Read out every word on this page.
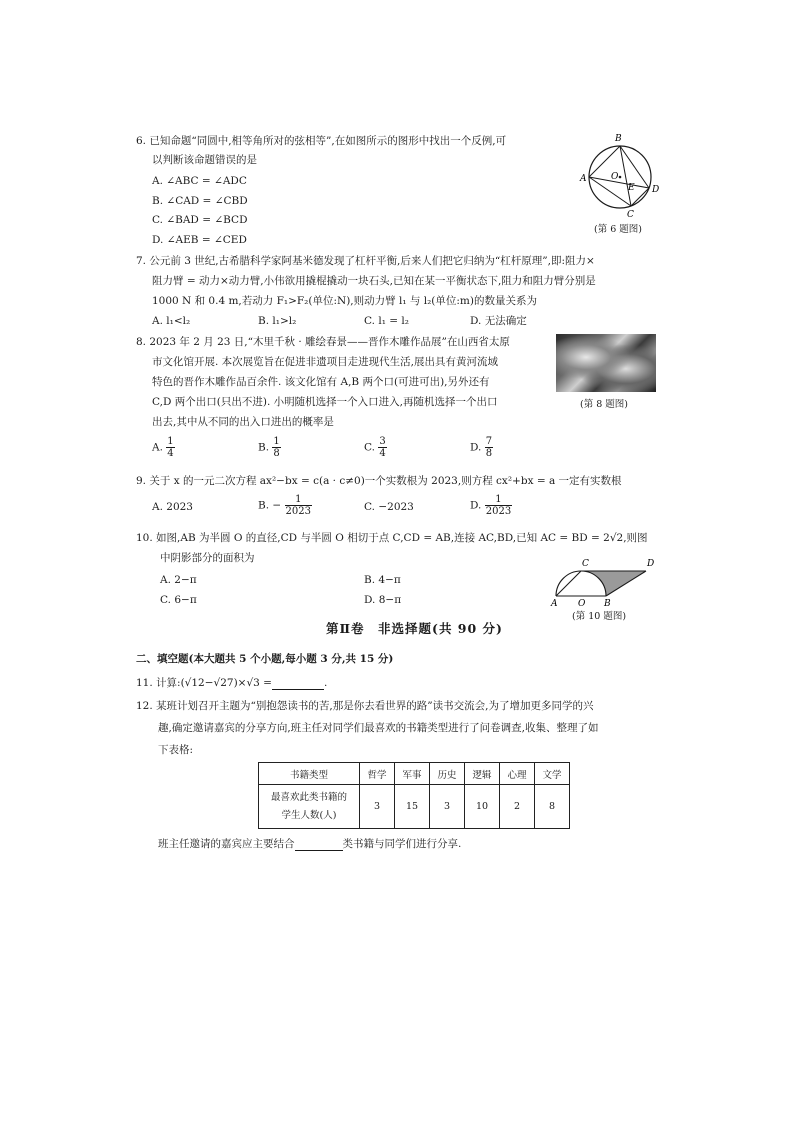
6. 已知命题“同圆中,相等角所对的弦相等”,在如图所示的图形中找出一个反例,可
以判断该命题错误的是
A. ∠ABC = ∠ADC
B. ∠CAD = ∠CBD
C. ∠BAD = ∠BCD
D. ∠AEB = ∠CED
B
A	O
E D
C
(第 6 题图)
7. 公元前 3 世纪,古希腊科学家阿基米德发现了杠杆平衡,后来人们把它归纳为“杠杆原理”,即:阻力×
阻力臂 = 动力×动力臂,小伟欲用撬棍撬动一块石头,已知在某一平衡状态下,阻力和阻力臂分别是
1000 N 和 0.4 m,若动力 F₁>F₂(单位:N),则动力臂 l₁ 与 l₂(单位:m)的数量关系为
A. l₁<l₂	B. l₁>l₂	C. l₁ = l₂	D. 无法确定
8. 2023 年 2 月 23 日,“木里千秋 · 雕绘春景——晋作木雕作品展”在山西省太原
市文化馆开展. 本次展览旨在促进非遗项目走进现代生活,展出具有黄河流域
特色的晋作木雕作品百余件. 该文化馆有 A,B 两个口(可进可出),另外还有
C,D 两个出口(只出不进). 小明随机选择一个入口进入,再随机选择一个出口
出去,其中从不同的出入口进出的概率是
(第 8 题图)
A. $\frac{1}{4}$	B. $\frac{1}{8}$	C. $\frac{3}{4}$	D. $\frac{7}{8}$
9. 关于 x 的一元二次方程 ax²−bx = c(a · c≠0)一个实数根为 2023,则方程 cx²+bx = a 一定有实数根
A. 2023	B. − $\frac{1}{2023}$	C. −2023	D. $\frac{1}{2023}$
10. 如图,AB 为半圆 O 的直径,CD 与半圆 O 相切于点 C,CD = AB,连接 AC,BD,已知 AC = BD = 2√2,则图
中阴影部分的面积为
A. 2−π	B. 4−π
C. 6−π	D. 8−π
C	D
A O B
(第 10 题图)
第Ⅱ卷　非选择题(共 90 分)
二、填空题(本大题共 5 个小题,每小题 3 分,共 15 分)
11. 计算:(√12−√27)×√3 =	.
12. 某班计划召开主题为“别抱怨读书的苦,那是你去看世界的路”读书交流会,为了增加更多同学的兴
趣,确定邀请嘉宾的分享方向,班主任对同学们最喜欢的书籍类型进行了问卷调查,收集、整理了如
下表格:
书籍类型	哲学	军事	历史	逻辑	心理	文学

最喜欢此类书籍的
学生人数(人)	3	15	3	10	2	8
班主任邀请的嘉宾应主要结合	类书籍与同学们进行分享.
